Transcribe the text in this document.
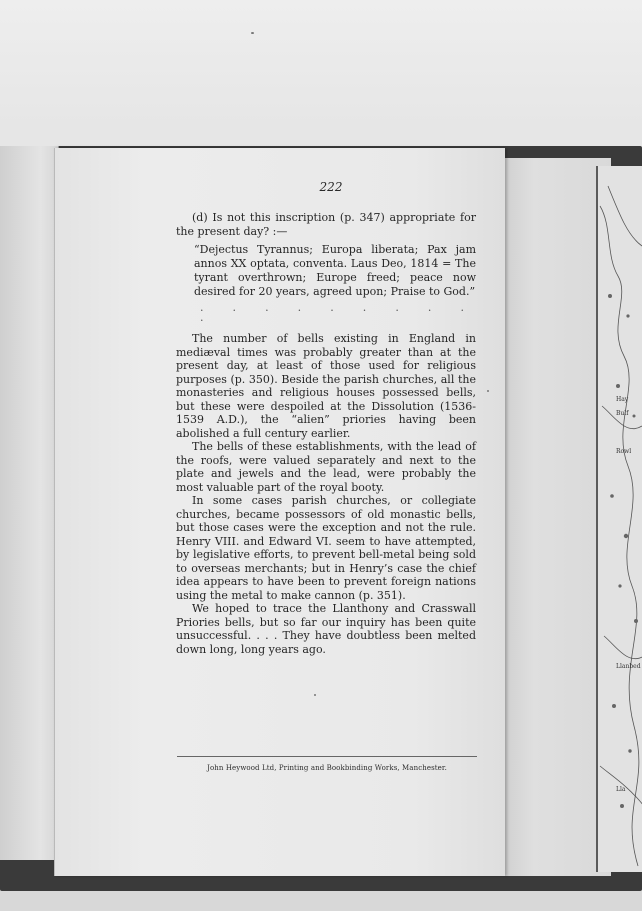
Hay
Bulf
Rowl
Llanbed
Lla
222

(d) Is not this inscription (p. 347) appropriate for the present day? :—

“Dejectus Tyrannus; Europa liberata; Pax jam annos XX optata, conventa. Laus Deo, 1814 = The tyrant overthrown; Europe freed; peace now desired for 20 years, agreed upon; Praise to God.”

. . . . . . . . . .

The number of bells existing in England in mediæval times was probably greater than at the present day, at least of those used for religious purposes (p. 350). Beside the parish churches, all the monasteries and religious houses possessed bells, but these were despoiled at the Dissolution (1536-1539 A.D.), the “alien” priories having been abolished a full century earlier.

The bells of these establishments, with the lead of the roofs, were valued separately and next to the plate and jewels and the lead, were probably the most valuable part of the royal booty.

In some cases parish churches, or collegiate churches, became possessors of old monastic bells, but those cases were the exception and not the rule. Henry VIII. and Edward VI. seem to have attempted, by legislative efforts, to prevent bell-metal being sold to overseas merchants; but in Henry’s case the chief idea appears to have been to prevent foreign nations using the metal to make cannon (p. 351).

We hoped to trace the Llanthony and Crasswall Priories bells, but so far our inquiry has been quite unsuccessful. . . . They have doubtless been melted down long, long years ago.

John Heywood Ltd, Printing and Bookbinding Works, Manchester.
